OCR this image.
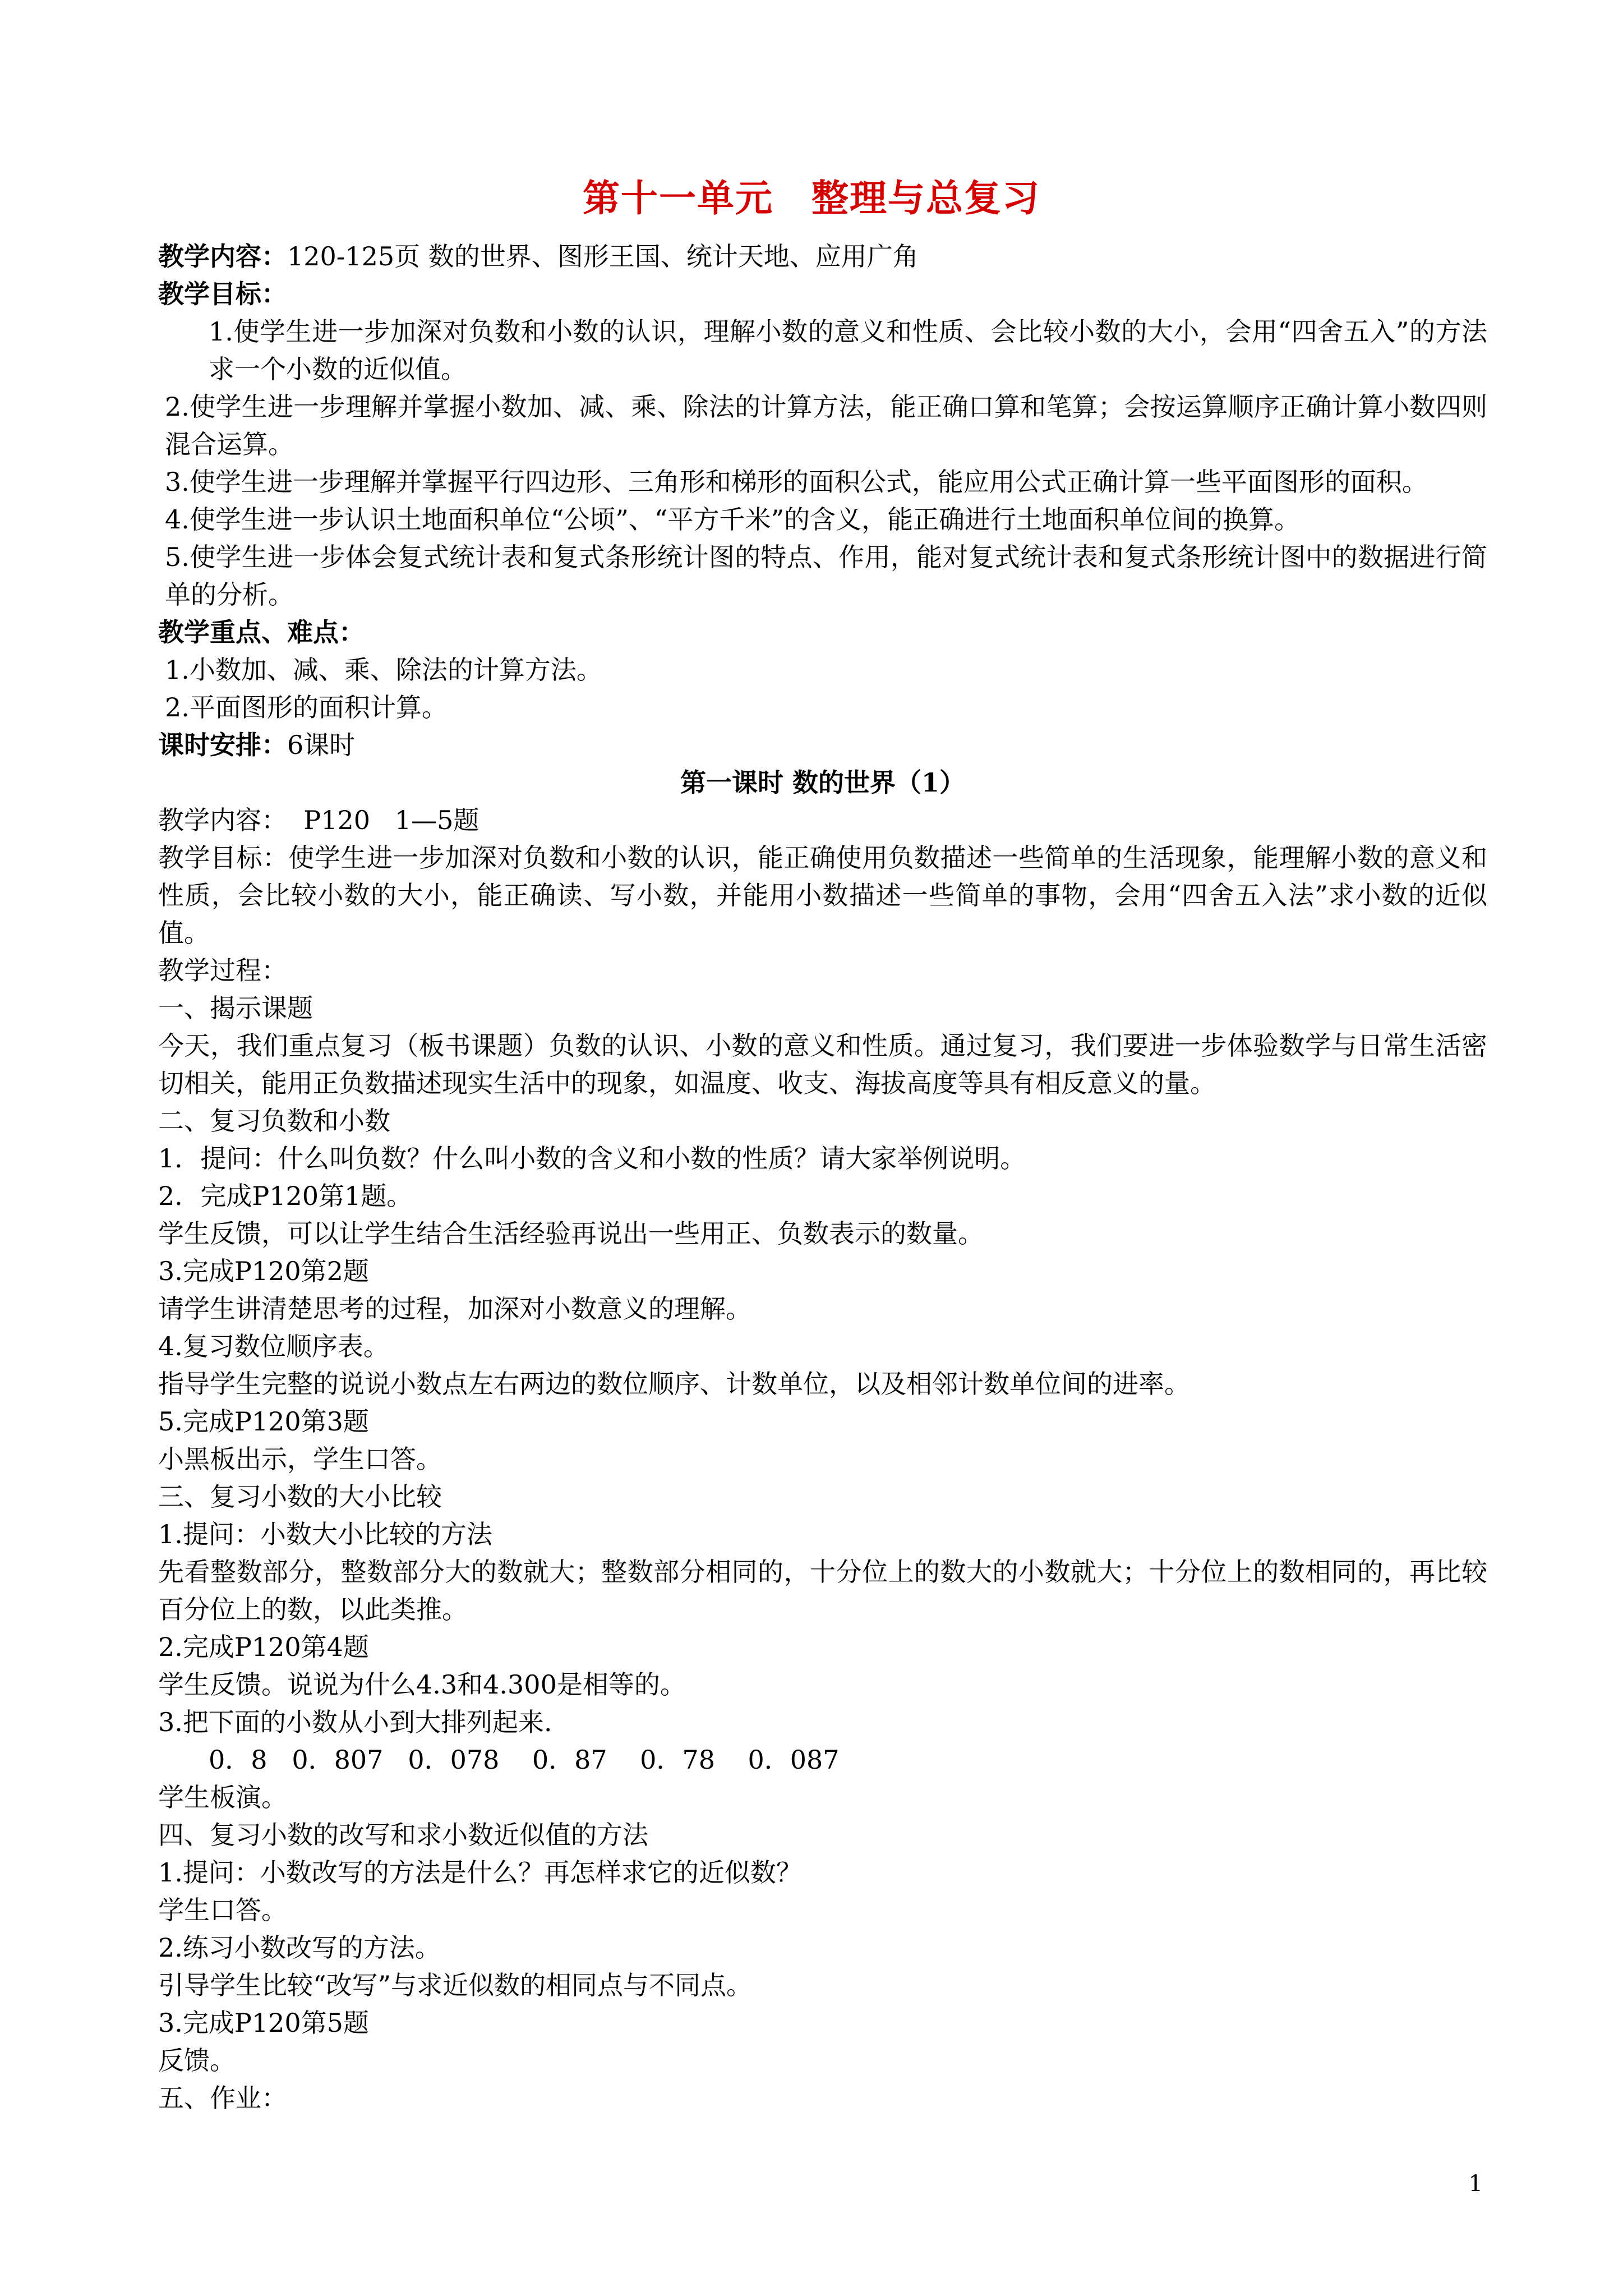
第十一单元　整理与总复习

教学内容：120-125页 数的世界、图形王国、统计天地、应用广角

教学目标：

1.使学生进一步加深对负数和小数的认识，理解小数的意义和性质、会比较小数的大小，会用“四舍五入”的方法求一个小数的近似值。

2.使学生进一步理解并掌握小数加、减、乘、除法的计算方法，能正确口算和笔算；会按运算顺序正确计算小数四则混合运算。

3.使学生进一步理解并掌握平行四边形、三角形和梯形的面积公式，能应用公式正确计算一些平面图形的面积。

4.使学生进一步认识土地面积单位“公顷”、“平方千米”的含义，能正确进行土地面积单位间的换算。

5.使学生进一步体会复式统计表和复式条形统计图的特点、作用，能对复式统计表和复式条形统计图中的数据进行简单的分析。

教学重点、难点：

1.小数加、减、乘、除法的计算方法。

2.平面图形的面积计算。

课时安排：6课时

第一课时 数的世界（1）

教学内容：  P120   1—5题

教学目标：使学生进一步加深对负数和小数的认识，能正确使用负数描述一些简单的生活现象，能理解小数的意义和性质，会比较小数的大小，能正确读、写小数，并能用小数描述一些简单的事物，会用“四舍五入法”求小数的近似值。

教学过程：

一、揭示课题

今天，我们重点复习（板书课题）负数的认识、小数的意义和性质。通过复习，我们要进一步体验数学与日常生活密切相关，能用正负数描述现实生活中的现象，如温度、收支、海拔高度等具有相反意义的量。

二、复习负数和小数

1．提问：什么叫负数？什么叫小数的含义和小数的性质？请大家举例说明。

2．完成P120第1题。

学生反馈，可以让学生结合生活经验再说出一些用正、负数表示的数量。

3.完成P120第2题

请学生讲清楚思考的过程，加深对小数意义的理解。

4.复习数位顺序表。

指导学生完整的说说小数点左右两边的数位顺序、计数单位，以及相邻计数单位间的进率。

5.完成P120第3题

小黑板出示，学生口答。

三、复习小数的大小比较

1.提问：小数大小比较的方法

先看整数部分，整数部分大的数就大；整数部分相同的，十分位上的数大的小数就大；十分位上的数相同的，再比较百分位上的数，以此类推。

2.完成P120第4题

学生反馈。说说为什么4.3和4.300是相等的。

3.把下面的小数从小到大排列起来.

0．8   0．807   0．078    0．87    0．78    0．087

学生板演。

四、复习小数的改写和求小数近似值的方法

1.提问：小数改写的方法是什么？再怎样求它的近似数？

学生口答。

2.练习小数改写的方法。

引导学生比较“改写”与求近似数的相同点与不同点。

3.完成P120第5题

反馈。

五、作业：

1
